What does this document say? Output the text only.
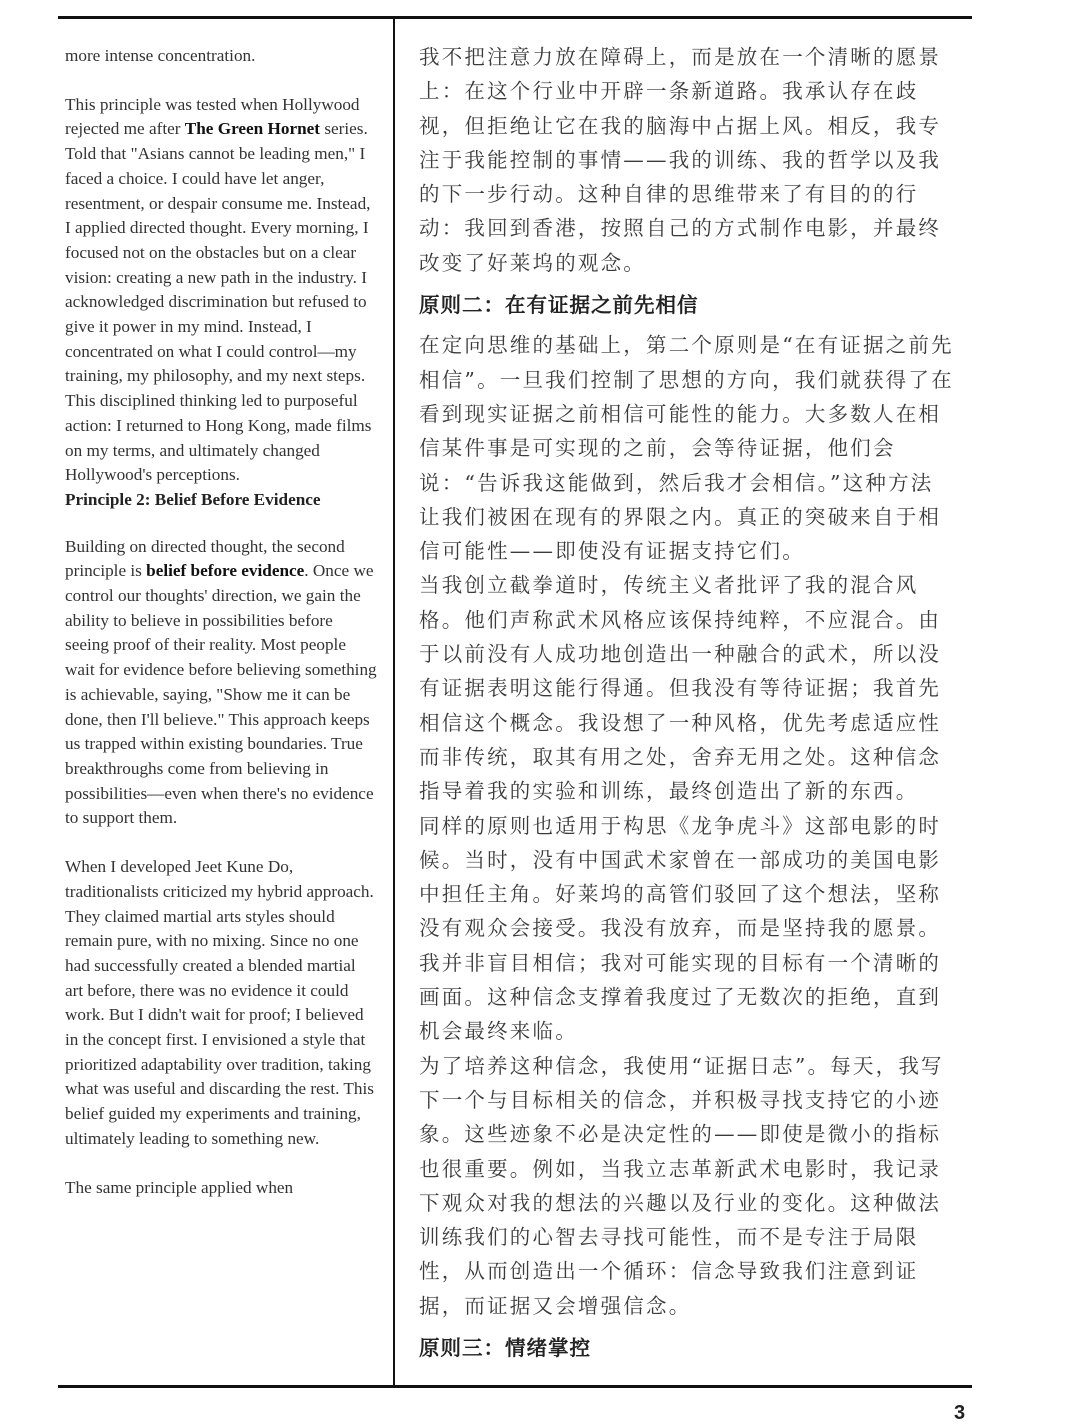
more intense concentration.

This principle was tested when Hollywood rejected me after The Green Hornet series. Told that "Asians cannot be leading men," I faced a choice. I could have let anger, resentment, or despair consume me. Instead, I applied directed thought. Every morning, I focused not on the obstacles but on a clear vision: creating a new path in the industry. I acknowledged discrimination but refused to give it power in my mind. Instead, I concentrated on what I could control—my training, my philosophy, and my next steps. This disciplined thinking led to purposeful action: I returned to Hong Kong, made films on my terms, and ultimately changed Hollywood's perceptions.

Principle 2: Belief Before Evidence

Building on directed thought, the second principle is belief before evidence. Once we control our thoughts' direction, we gain the ability to believe in possibilities before seeing proof of their reality. Most people wait for evidence before believing something is achievable, saying, "Show me it can be done, then I'll believe." This approach keeps us trapped within existing boundaries. True breakthroughs come from believing in possibilities—even when there's no evidence to support them.

When I developed Jeet Kune Do, traditionalists criticized my hybrid approach. They claimed martial arts styles should remain pure, with no mixing. Since no one had successfully created a blended martial art before, there was no evidence it could work. But I didn't wait for proof; I believed in the concept first. I envisioned a style that prioritized adaptability over tradition, taking what was useful and discarding the rest. This belief guided my experiments and training, ultimately leading to something new.

The same principle applied when

我不把注意力放在障碍上，而是放在一个清晰的愿景上：在这个行业中开辟一条新道路。我承认存在歧视，但拒绝让它在我的脑海中占据上风。相反，我专注于我能控制的事情——我的训练、我的哲学以及我的下一步行动。这种自律的思维带来了有目的的行动：我回到香港，按照自己的方式制作电影，并最终改变了好莱坞的观念。

原则二：在有证据之前先相信

在定向思维的基础上，第二个原则是“在有证据之前先相信”。一旦我们控制了思想的方向，我们就获得了在看到现实证据之前相信可能性的能力。大多数人在相信某件事是可实现的之前，会等待证据，他们会说：“告诉我这能做到，然后我才会相信。”这种方法让我们被困在现有的界限之内。真正的突破来自于相信可能性——即使没有证据支持它们。

当我创立截拳道时，传统主义者批评了我的混合风格。他们声称武术风格应该保持纯粹，不应混合。由于以前没有人成功地创造出一种融合的武术，所以没有证据表明这能行得通。但我没有等待证据；我首先相信这个概念。我设想了一种风格，优先考虑适应性而非传统，取其有用之处，舍弃无用之处。这种信念指导着我的实验和训练，最终创造出了新的东西。

同样的原则也适用于构思《龙争虎斗》这部电影的时候。当时，没有中国武术家曾在一部成功的美国电影中担任主角。好莱坞的高管们驳回了这个想法，坚称没有观众会接受。我没有放弃，而是坚持我的愿景。我并非盲目相信；我对可能实现的目标有一个清晰的画面。这种信念支撑着我度过了无数次的拒绝，直到机会最终来临。

为了培养这种信念，我使用“证据日志”。每天，我写下一个与目标相关的信念，并积极寻找支持它的小迹象。这些迹象不必是决定性的——即使是微小的指标也很重要。例如，当我立志革新武术电影时，我记录下观众对我的想法的兴趣以及行业的变化。这种做法训练我们的心智去寻找可能性，而不是专注于局限性，从而创造出一个循环：信念导致我们注意到证据，而证据又会增强信念。

原则三：情绪掌控

3
